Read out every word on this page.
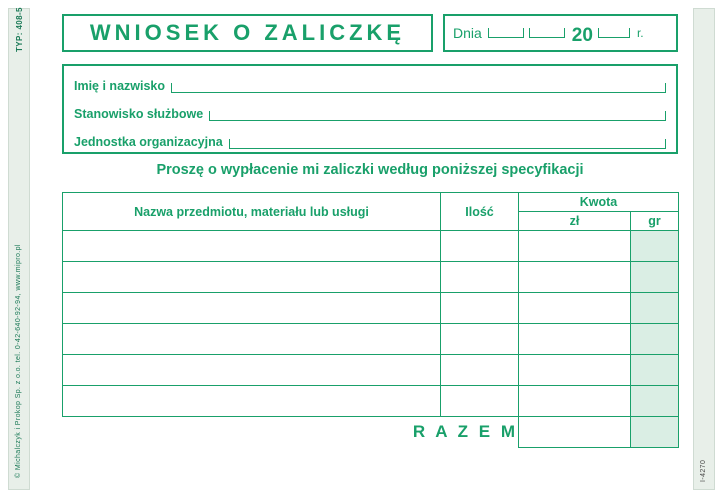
TYP: 408-5
© Michalczyk i Prokop Sp. z o.o. tel. 0-42-640-92-94, www.mipro.pl	I-4270
WNIOSEK O ZALICZKĘ	Dnia	20	r.
Imię i nazwisko
Stanowisko służbowe
Jednostka organizacyjna
Proszę o wypłacenie mi zaliczki według poniższej specyfikacji
Nazwa przedmiotu, materiału lub usługi	Ilość	Kwota	
		zł	gr

R A Z E M			
